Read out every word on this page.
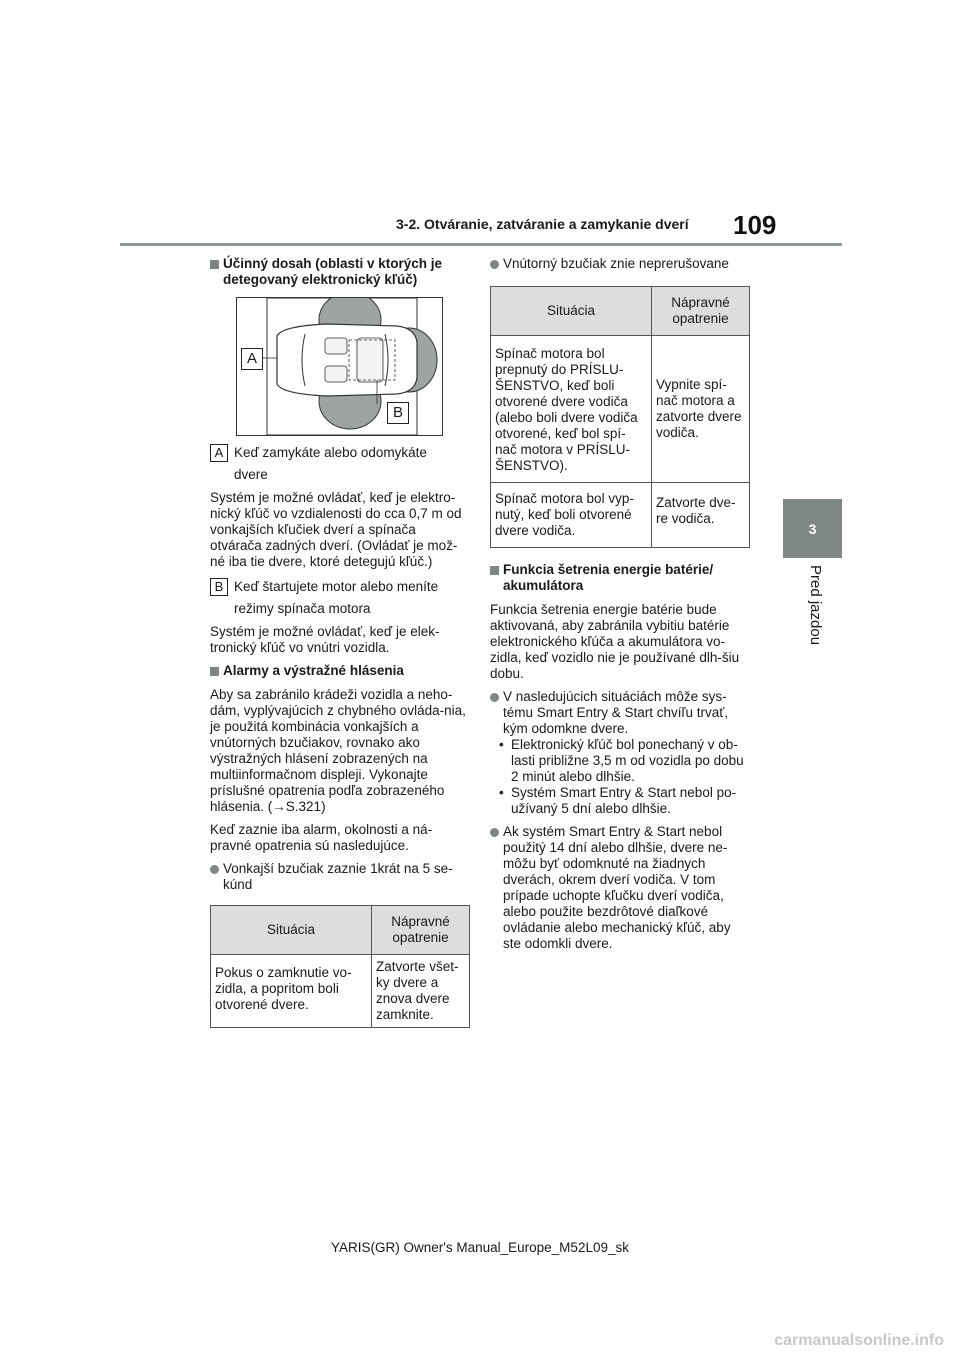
3-2. Otváranie, zatváranie a zamykanie dverí 109
3
Pred jazdou
Účinný dosah (oblasti v ktorých je detegovaný elektronický kľúč)
A
B
A Keď zamykáte alebo odomykáte
dvere

Systém je možné ovládať, keď je elektro-nický kľúč vo vzdialenosti do cca 0,7 m od vonkajších kľučiek dverí a spínača otvárača zadných dverí. (Ovládať je mož-né iba tie dvere, ktoré detegujú kľúč.)

B Keď štartujete motor alebo meníte
režimy spínača motora

Systém je možné ovládať, keď je elek-tronický kľúč vo vnútri vozidla.

Alarmy a výstražné hlásenia

Aby sa zabránilo krádeži vozidla a neho-dám, vyplývajúcich z chybného ovláda-nia, je použitá kombinácia vonkajších a vnútorných bzučiakov, rovnako ako výstražných hlásení zobrazených na multiinformačnom displeji. Vykonajte príslušné opatrenia podľa zobrazeného hlásenia. (→S.321)

Keď zaznie iba alarm, okolnosti a ná-pravné opatrenia sú nasledujúce.

Vonkajší bzučiak zaznie 1krát na 5 se-kúnd
Situácia	Nápravné opatrenie
Pokus o zamknutie vo-zidla, a popritom boli otvorené dvere.	Zatvorte všet-ky dvere a znova dvere zamknite.
Vnútorný bzučiak znie neprerušovane
Situácia	Nápravné opatrenie
Spínač motora bol prepnutý do PRÍSLU-ŠENSTVO, keď boli otvorené dvere vodiča (alebo boli dvere vodiča otvorené, keď bol spí-nač motora v PRÍSLU-ŠENSTVO).	Vypnite spí-nač motora a zatvorte dvere vodiča.
Spínač motora bol vyp-nutý, keď boli otvorené dvere vodiča.	Zatvorte dve-re vodiča.
Funkcia šetrenia energie batérie/ akumulátora

Funkcia šetrenia energie batérie bude aktivovaná, aby zabránila vybitiu batérie elektronického kľúča a akumulátora vo-zidla, keď vozidlo nie je používané dlh-šiu dobu.

V nasledujúcich situáciách môže sys-tému Smart Entry & Start chvíľu trvať, kým odomkne dvere.
• Elektronický kľúč bol ponechaný v ob-lasti približne 3,5 m od vozidla po dobu 2 minút alebo dlhšie.
• Systém Smart Entry & Start nebol po-užívaný 5 dní alebo dlhšie.
Ak systém Smart Entry & Start nebol použitý 14 dní alebo dlhšie, dvere ne-môžu byť odomknuté na žiadnych dverách, okrem dverí vodiča. V tom prípade uchopte kľučku dverí vodiča, alebo použite bezdrôtové diaľkové ovládanie alebo mechanický kľúč, aby ste odomkli dvere.
YARIS(GR) Owner's Manual_Europe_M52L09_sk
carmanualsonline.info
